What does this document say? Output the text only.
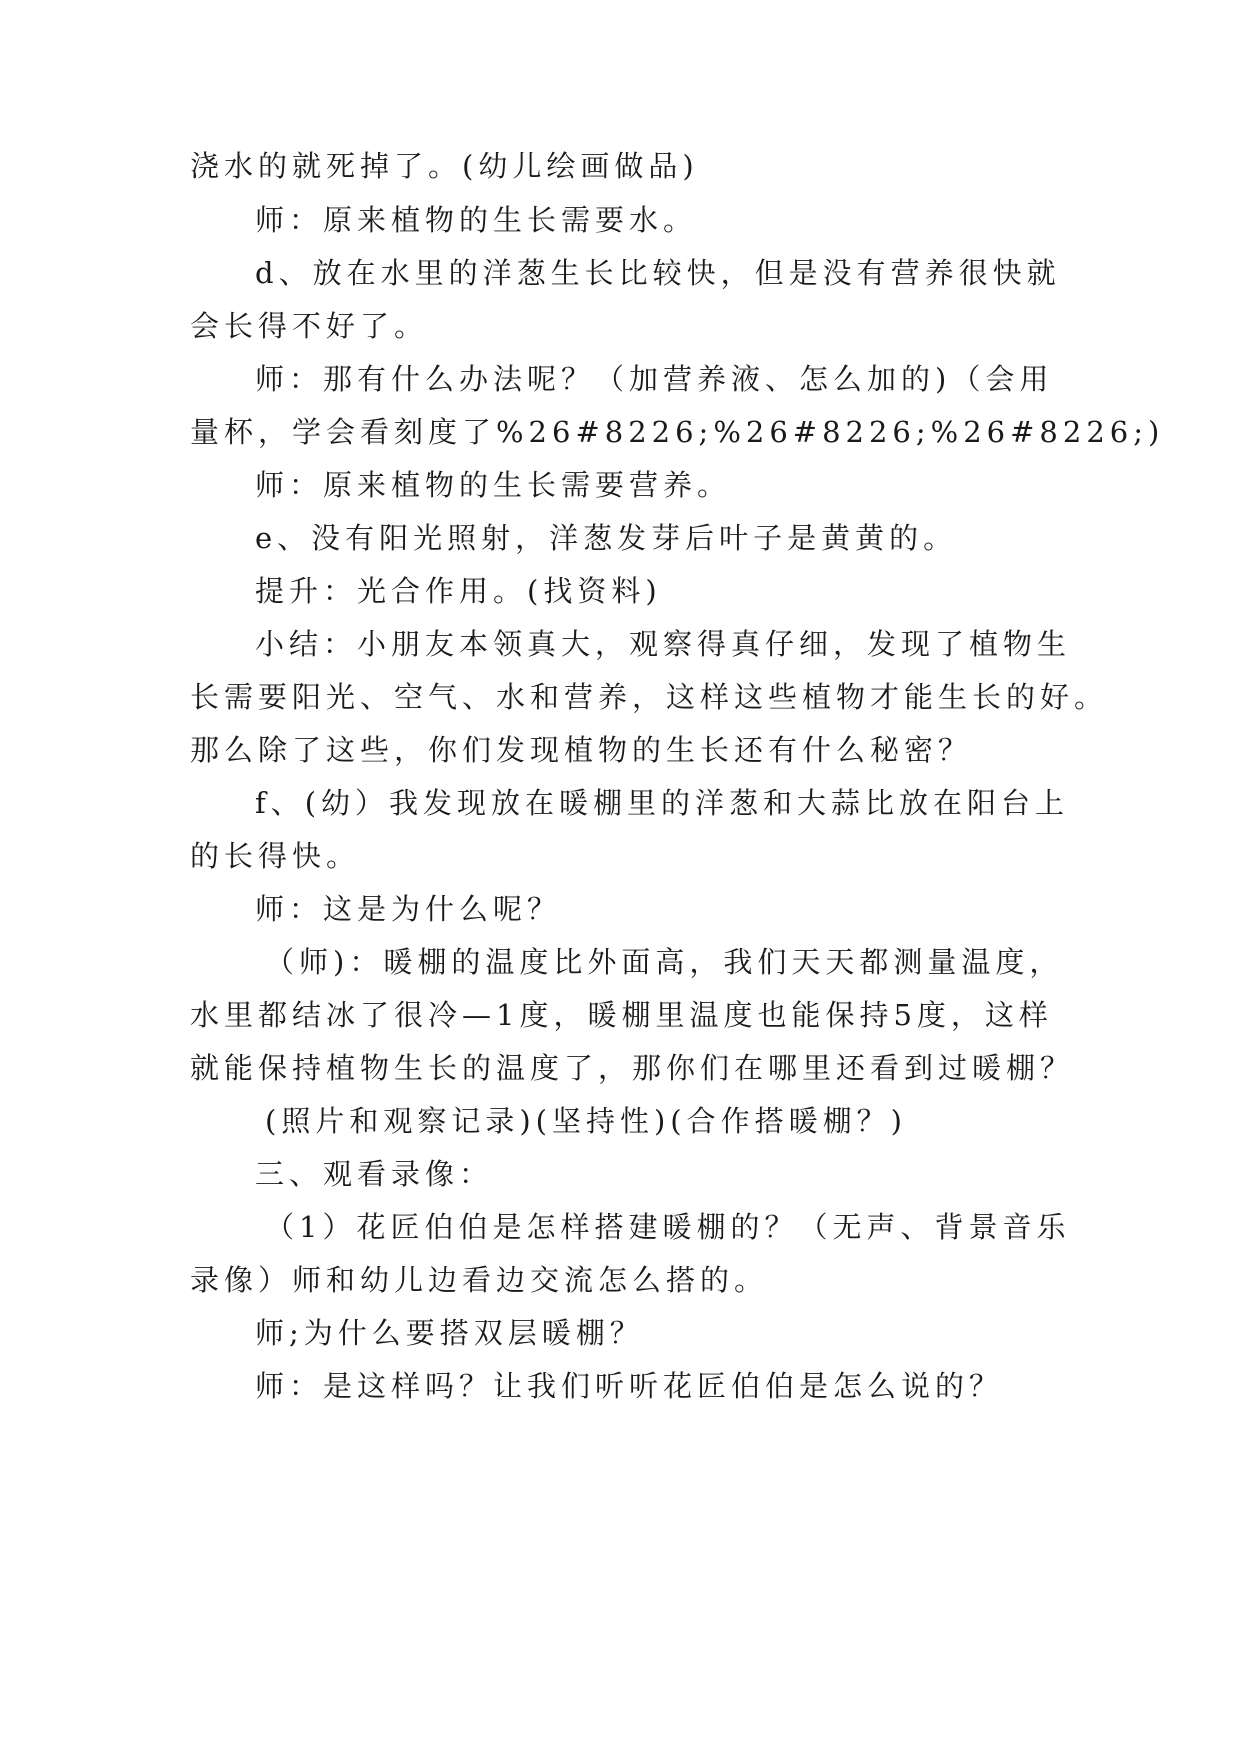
浇水的就死掉了。(幼儿绘画做品)
师：原来植物的生长需要水。
d、放在水里的洋葱生长比较快，但是没有营养很快就
会长得不好了。
师：那有什么办法呢？（加营养液、怎么加的)（会用
量杯，学会看刻度了%26#8226;%26#8226;%26#8226;)
师：原来植物的生长需要营养。
e、没有阳光照射，洋葱发芽后叶子是黄黄的。
提升：光合作用。(找资料)
小结：小朋友本领真大，观察得真仔细，发现了植物生
长需要阳光、空气、水和营养，这样这些植物才能生长的好。
那么除了这些，你们发现植物的生长还有什么秘密？
f、(幼）我发现放在暖棚里的洋葱和大蒜比放在阳台上
的长得快。
师：这是为什么呢？
（师)：暖棚的温度比外面高，我们天天都测量温度，
水里都结冰了很冷—1度，暖棚里温度也能保持5度，这样
就能保持植物生长的温度了，那你们在哪里还看到过暖棚？
(照片和观察记录)(坚持性)(合作搭暖棚？)
三、观看录像：
（1）花匠伯伯是怎样搭建暖棚的？（无声、背景音乐
录像）师和幼儿边看边交流怎么搭的。
师;为什么要搭双层暖棚？
师：是这样吗？让我们听听花匠伯伯是怎么说的？
